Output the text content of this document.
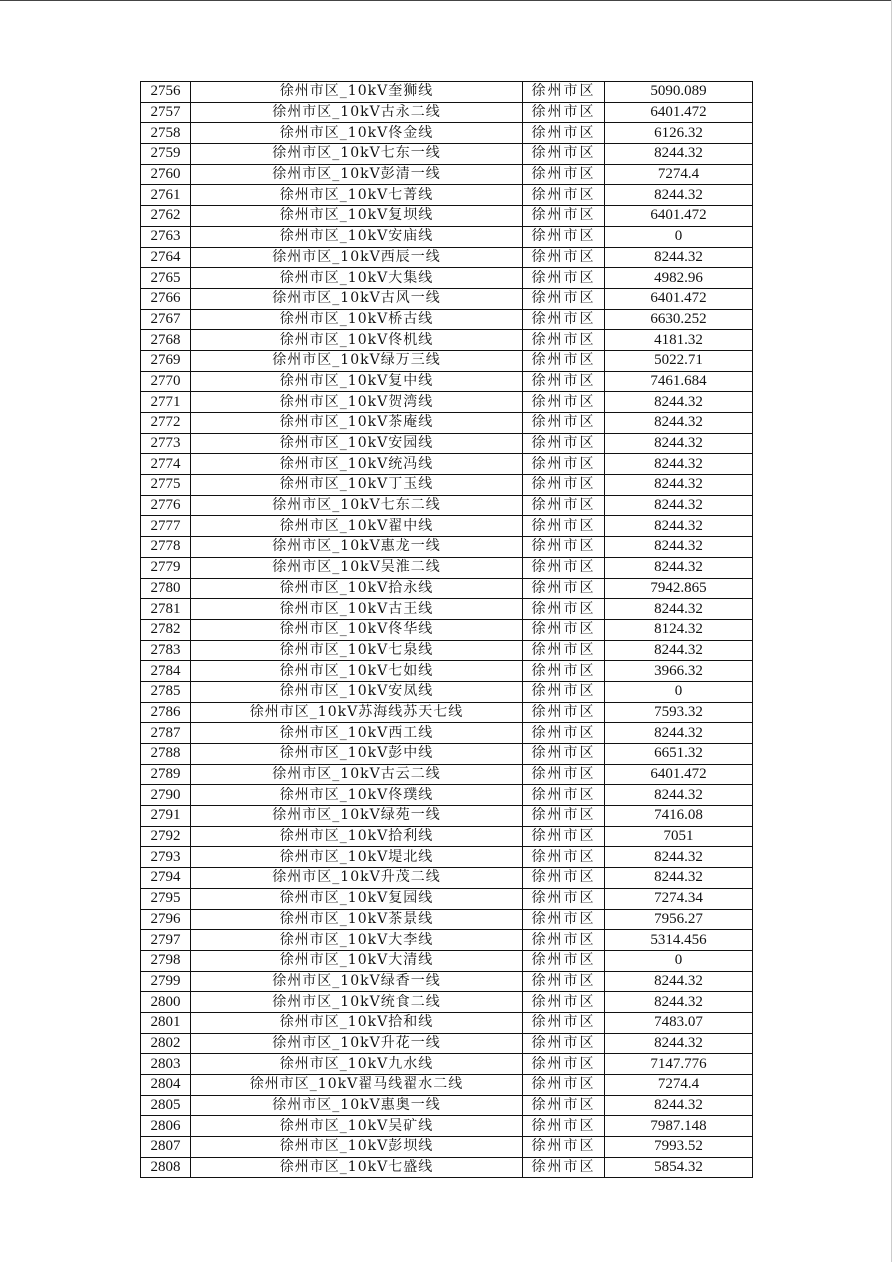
2756	徐州市区_10kV奎狮线	徐州市区	5090.089
2757	徐州市区_10kV古永二线	徐州市区	6401.472
2758	徐州市区_10kV佟金线	徐州市区	6126.32
2759	徐州市区_10kV七东一线	徐州市区	8244.32
2760	徐州市区_10kV彭清一线	徐州市区	7274.4
2761	徐州市区_10kV七菁线	徐州市区	8244.32
2762	徐州市区_10kV复坝线	徐州市区	6401.472
2763	徐州市区_10kV安庙线	徐州市区	0
2764	徐州市区_10kV西辰一线	徐州市区	8244.32
2765	徐州市区_10kV大集线	徐州市区	4982.96
2766	徐州市区_10kV古风一线	徐州市区	6401.472
2767	徐州市区_10kV桥古线	徐州市区	6630.252
2768	徐州市区_10kV佟机线	徐州市区	4181.32
2769	徐州市区_10kV绿万三线	徐州市区	5022.71
2770	徐州市区_10kV复中线	徐州市区	7461.684
2771	徐州市区_10kV贺湾线	徐州市区	8244.32
2772	徐州市区_10kV茶庵线	徐州市区	8244.32
2773	徐州市区_10kV安园线	徐州市区	8244.32
2774	徐州市区_10kV统冯线	徐州市区	8244.32
2775	徐州市区_10kV丁玉线	徐州市区	8244.32
2776	徐州市区_10kV七东二线	徐州市区	8244.32
2777	徐州市区_10kV翟中线	徐州市区	8244.32
2778	徐州市区_10kV惠龙一线	徐州市区	8244.32
2779	徐州市区_10kV吴淮二线	徐州市区	8244.32
2780	徐州市区_10kV拾永线	徐州市区	7942.865
2781	徐州市区_10kV古王线	徐州市区	8244.32
2782	徐州市区_10kV佟华线	徐州市区	8124.32
2783	徐州市区_10kV七泉线	徐州市区	8244.32
2784	徐州市区_10kV七如线	徐州市区	3966.32
2785	徐州市区_10kV安凤线	徐州市区	0
2786	徐州市区_10kV苏海线苏天七线	徐州市区	7593.32
2787	徐州市区_10kV西工线	徐州市区	8244.32
2788	徐州市区_10kV彭中线	徐州市区	6651.32
2789	徐州市区_10kV古云二线	徐州市区	6401.472
2790	徐州市区_10kV佟璞线	徐州市区	8244.32
2791	徐州市区_10kV绿苑一线	徐州市区	7416.08
2792	徐州市区_10kV拾利线	徐州市区	7051
2793	徐州市区_10kV堤北线	徐州市区	8244.32
2794	徐州市区_10kV升茂二线	徐州市区	8244.32
2795	徐州市区_10kV复园线	徐州市区	7274.34
2796	徐州市区_10kV茶景线	徐州市区	7956.27
2797	徐州市区_10kV大李线	徐州市区	5314.456
2798	徐州市区_10kV大清线	徐州市区	0
2799	徐州市区_10kV绿香一线	徐州市区	8244.32
2800	徐州市区_10kV统食二线	徐州市区	8244.32
2801	徐州市区_10kV拾和线	徐州市区	7483.07
2802	徐州市区_10kV升花一线	徐州市区	8244.32
2803	徐州市区_10kV九水线	徐州市区	7147.776
2804	徐州市区_10kV翟马线翟水二线	徐州市区	7274.4
2805	徐州市区_10kV惠奥一线	徐州市区	8244.32
2806	徐州市区_10kV吴矿线	徐州市区	7987.148
2807	徐州市区_10kV彭坝线	徐州市区	7993.52
2808	徐州市区_10kV七盛线	徐州市区	5854.32
